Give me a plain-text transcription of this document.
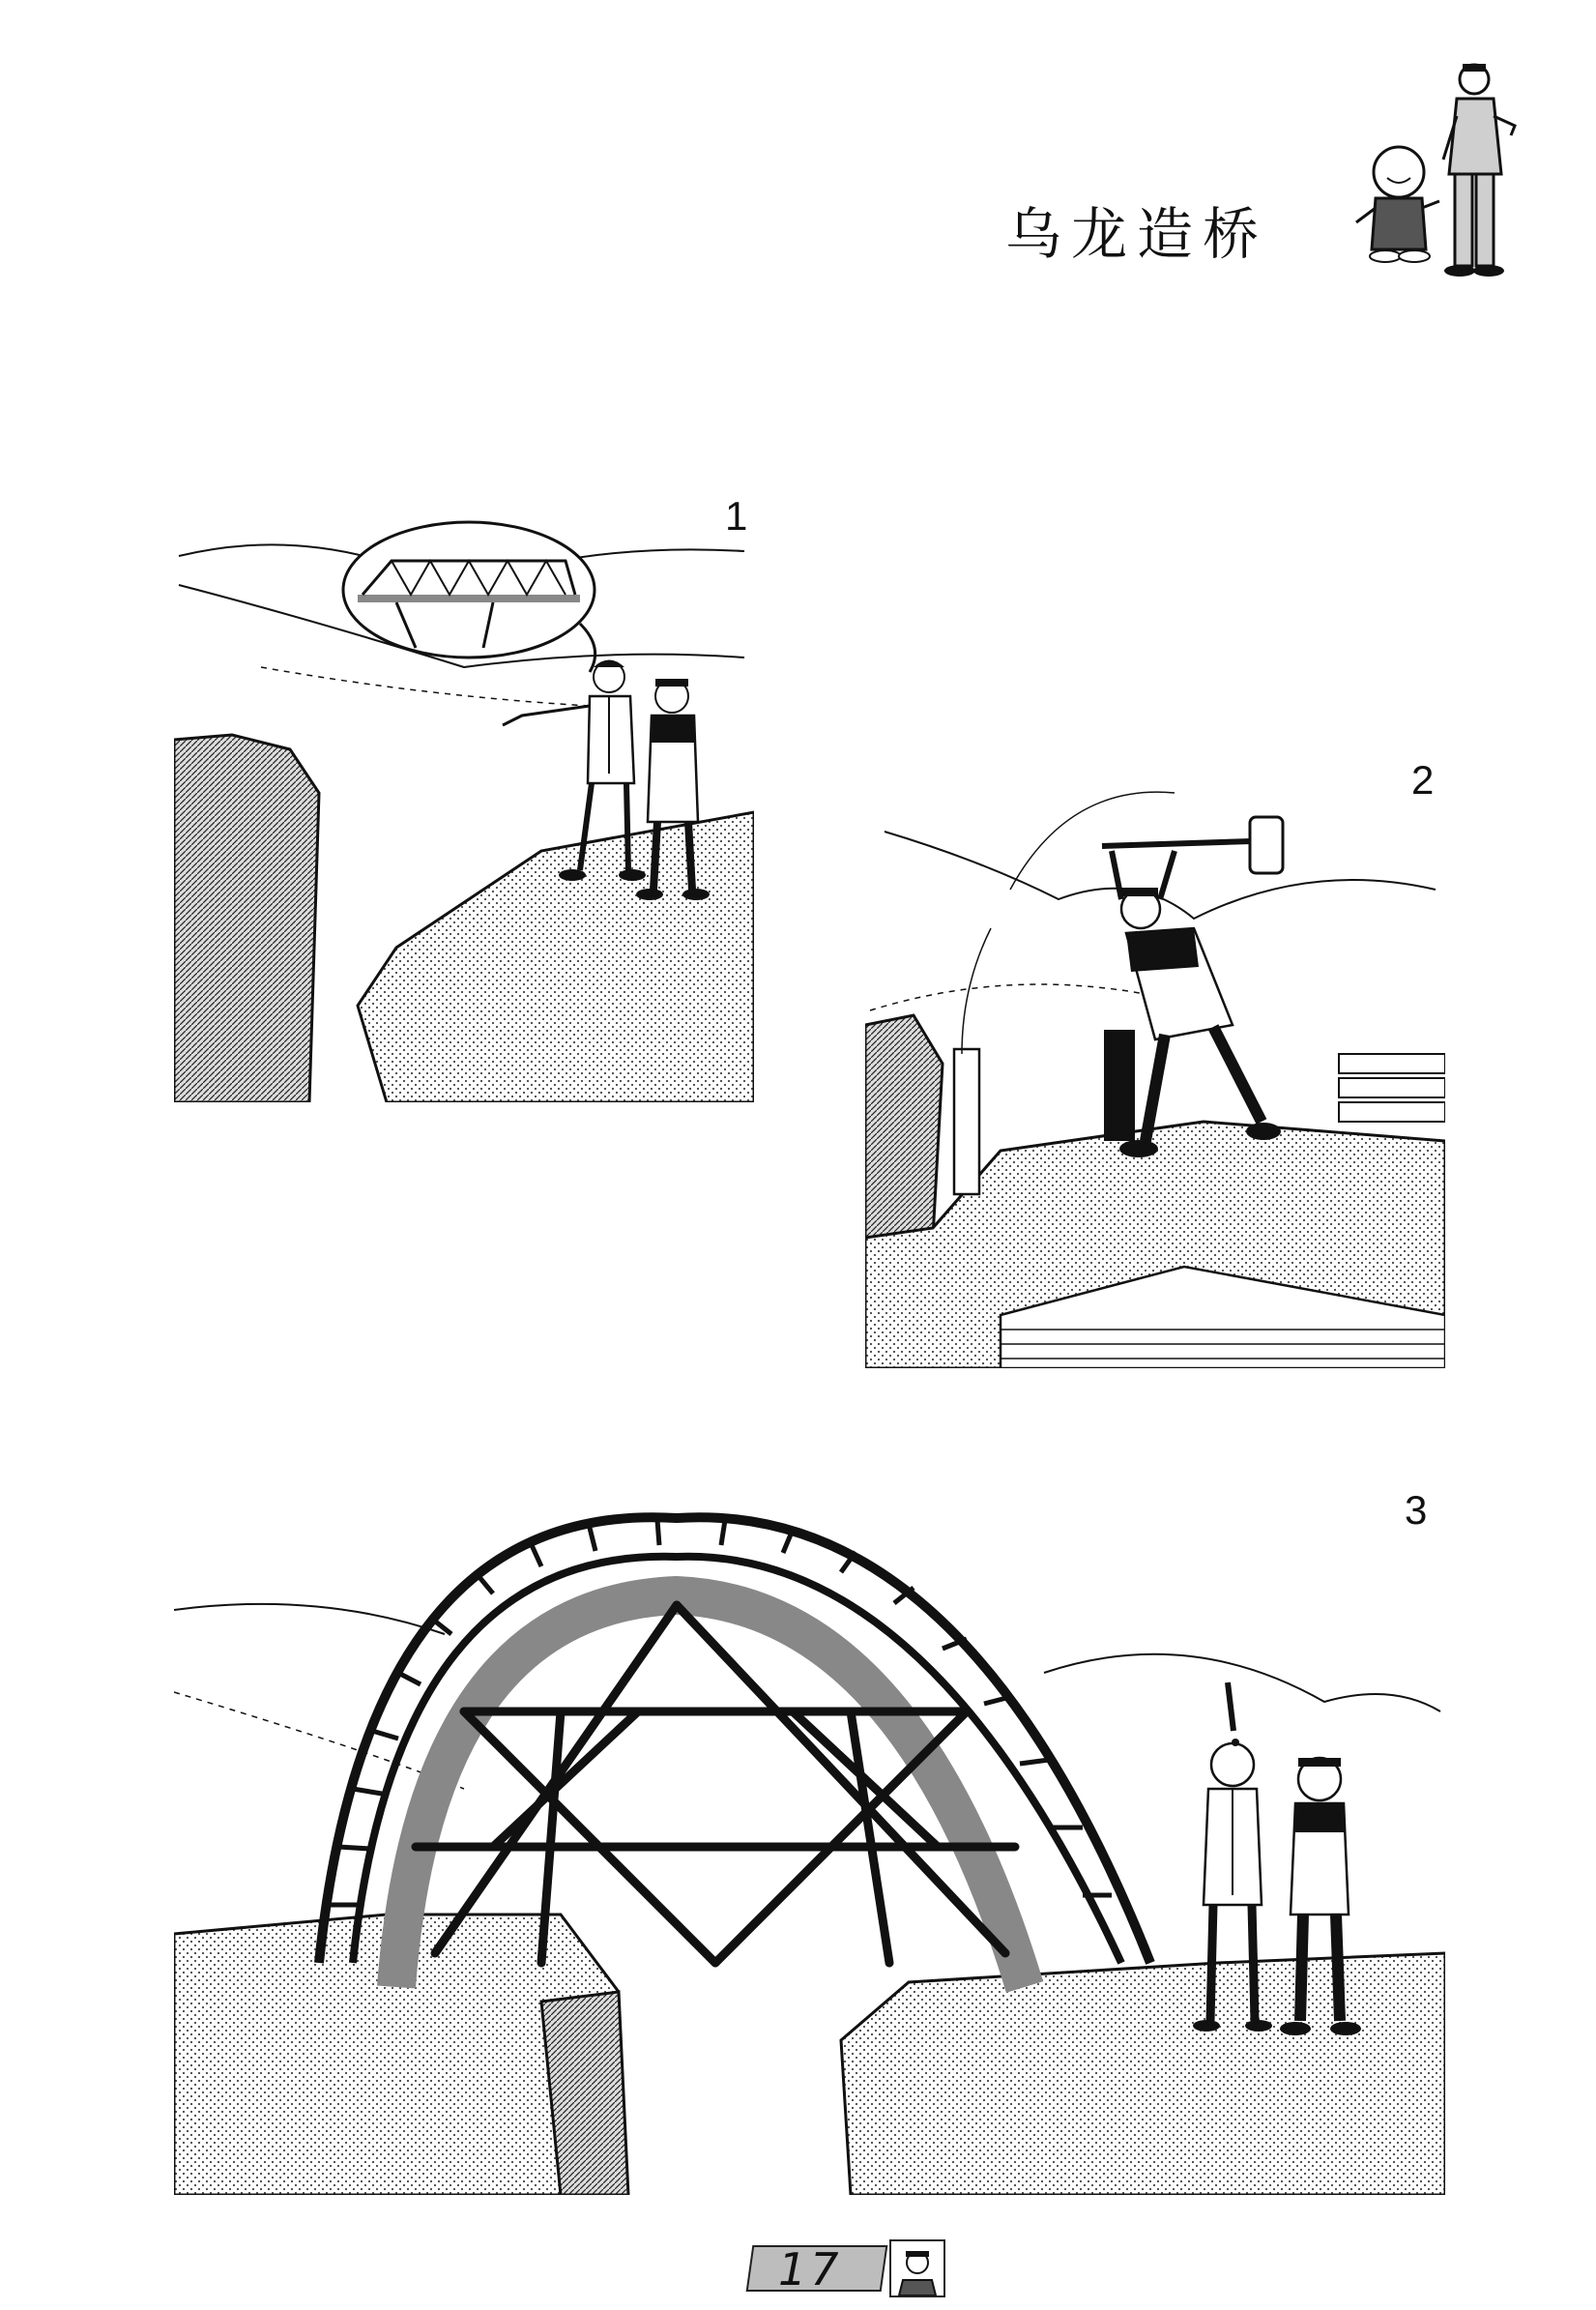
乌龙造桥
1
2
3
17
